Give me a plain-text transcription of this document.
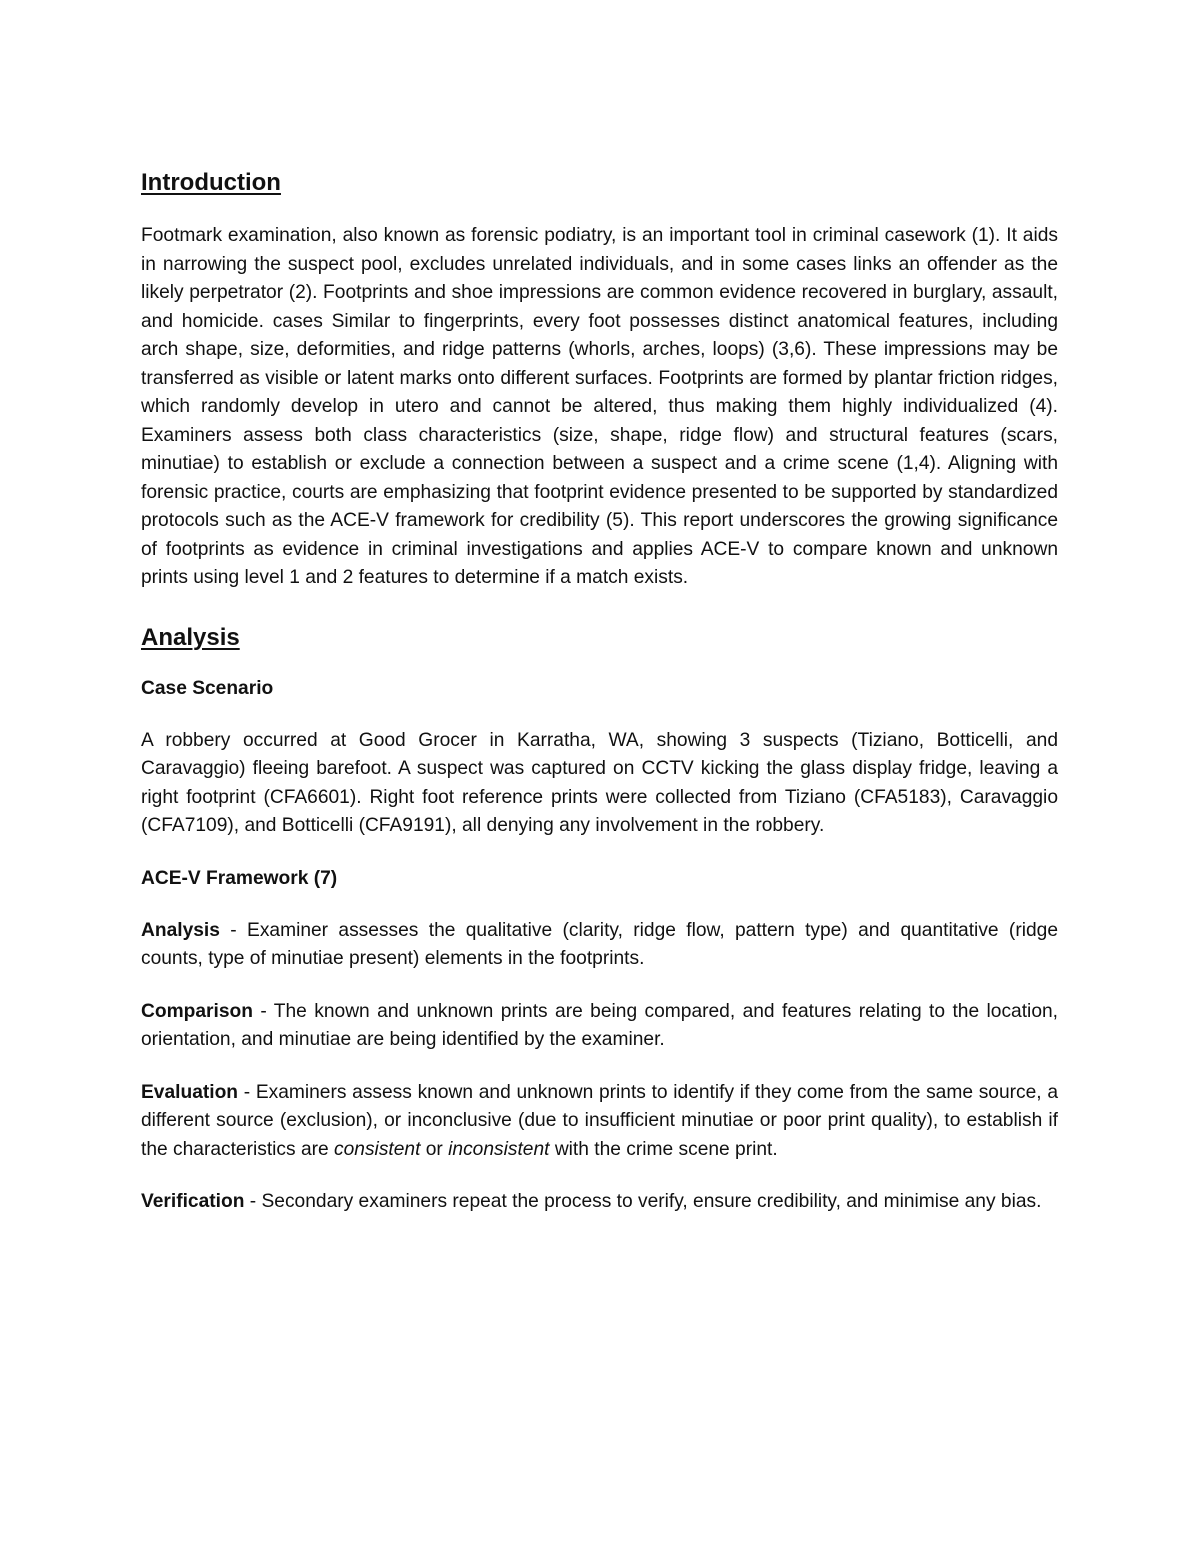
Introduction

Footmark examination, also known as forensic podiatry, is an important tool in criminal casework (1). It aids in narrowing the suspect pool, excludes unrelated individuals, and in some cases links an offender as the likely perpetrator (2). Footprints and shoe impressions are common evidence recovered in burglary, assault, and homicide. cases Similar to fingerprints, every foot possesses distinct anatomical features, including arch shape, size, deformities, and ridge patterns (whorls, arches, loops) (3,6). These impressions may be transferred as visible or latent marks onto different surfaces. Footprints are formed by plantar friction ridges, which randomly develop in utero and cannot be altered, thus making them highly individualized (4). Examiners assess both class characteristics (size, shape, ridge flow) and structural features (scars, minutiae) to establish or exclude a connection between a suspect and a crime scene (1,4). Aligning with forensic practice, courts are emphasizing that footprint evidence presented to be supported by standardized protocols such as the ACE-V framework for credibility (5). This report underscores the growing significance of footprints as evidence in criminal investigations and applies ACE-V to compare known and unknown prints using level 1 and 2 features to determine if a match exists.

Analysis
Case Scenario

A robbery occurred at Good Grocer in Karratha, WA, showing 3 suspects (Tiziano, Botticelli, and Caravaggio) fleeing barefoot. A suspect was captured on CCTV kicking the glass display fridge, leaving a right footprint (CFA6601). Right foot reference prints were collected from Tiziano (CFA5183), Caravaggio (CFA7109), and Botticelli (CFA9191), all denying any involvement in the robbery.

ACE-V Framework (7)

Analysis - Examiner assesses the qualitative (clarity, ridge flow, pattern type) and quantitative (ridge counts, type of minutiae present) elements in the footprints.

Comparison - The known and unknown prints are being compared, and features relating to the location, orientation, and minutiae are being identified by the examiner.

Evaluation - Examiners assess known and unknown prints to identify if they come from the same source, a different source (exclusion), or inconclusive (due to insufficient minutiae or poor print quality), to establish if the characteristics are consistent or inconsistent with the crime scene print.

Verification - Secondary examiners repeat the process to verify, ensure credibility, and minimise any bias.
